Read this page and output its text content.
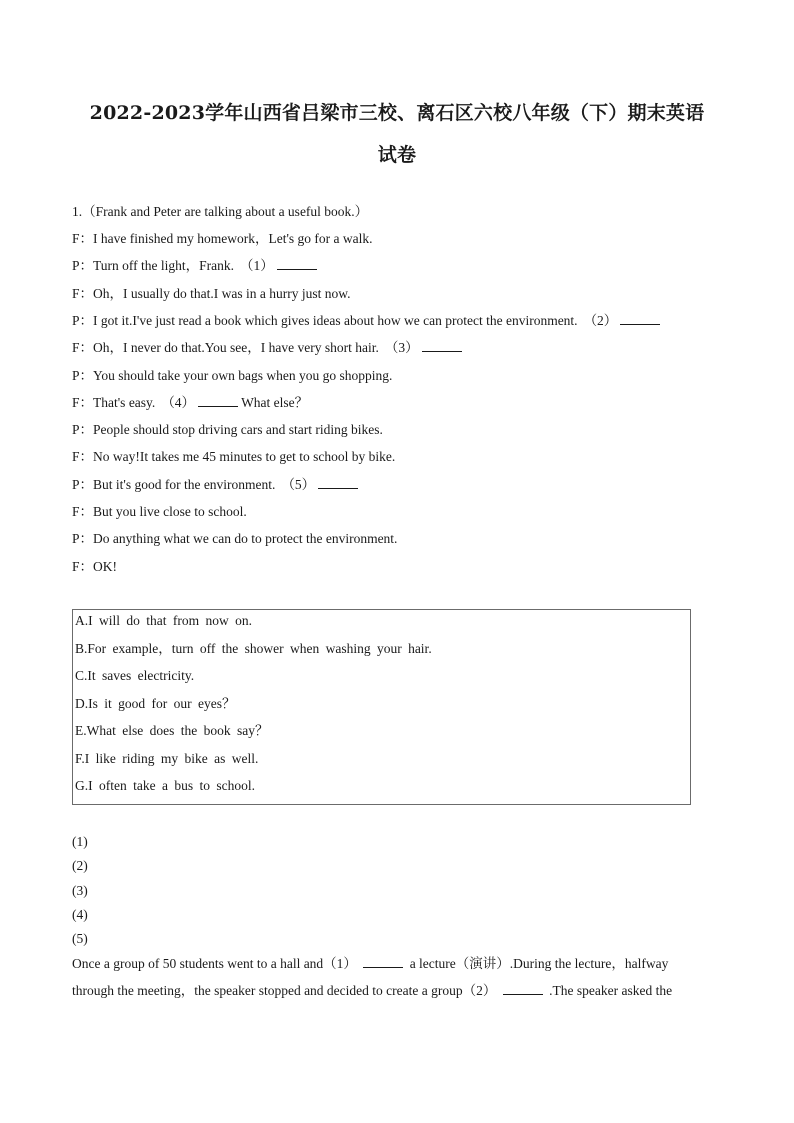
2022-2023学年山西省吕梁市三校、离石区六校八年级（下）期末英语
试卷
1.（Frank and Peter are talking about a useful book.）
F：I have finished my homework，Let's go for a walk.
P：Turn off the light，Frank. （1）
F：Oh，I usually do that.I was in a hurry just now.
P：I got it.I've just read a book which gives ideas about how we can protect the environment. （2）
F：Oh，I never do that.You see，I have very short hair. （3）
P：You should take your own bags when you go shopping.
F：That's easy. （4）	What else？
P：People should stop driving cars and start riding bikes.
F：No way!It takes me 45 minutes to get to school by bike.
P：But it's good for the environment. （5）
F：But you live close to school.
P：Do anything what we can do to protect the environment.
F：OK!
A.I will do that from now on.
B.For example，turn off the shower when washing your hair.
C.It saves electricity.
D.Is it good for our eyes？
E.What else does the book say？
F.I like riding my bike as well.
G.I often take a bus to school.
(1)
(2)
(3)
(4)
(5)
Once a group of 50 students went to a hall and（1）	a lecture（演讲）.During the lecture，halfway
through the meeting，the speaker stopped and decided to create a group（2）	.The speaker asked the
